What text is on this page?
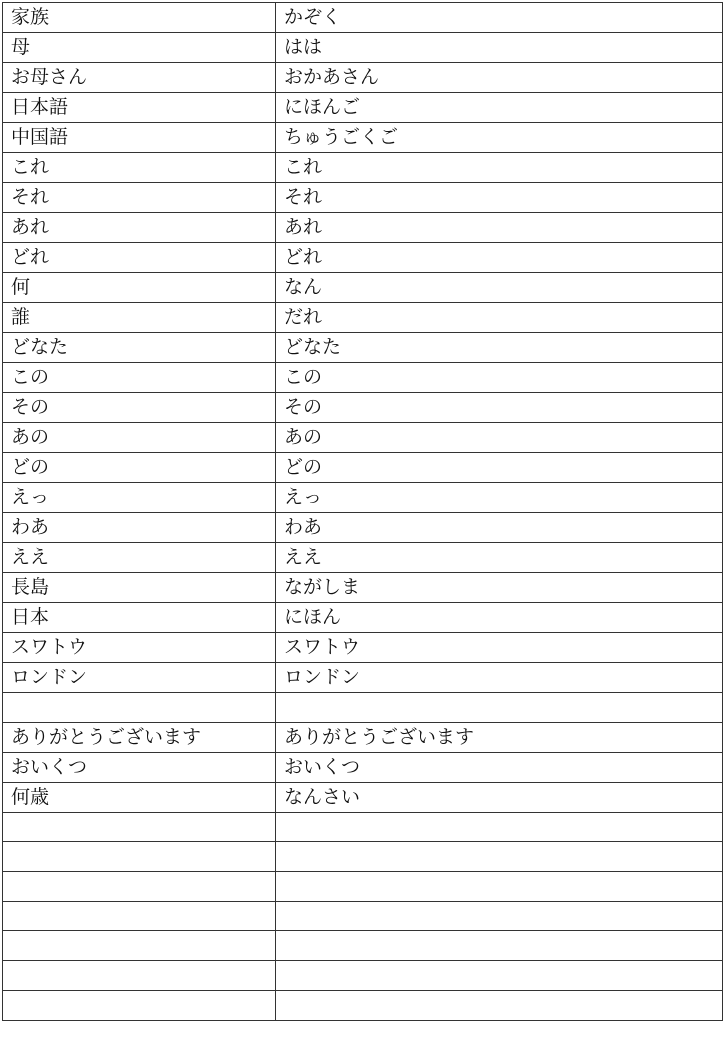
家族	かぞく
母	はは
お母さん	おかあさん
日本語	にほんご
中国語	ちゅうごくご
これ	これ
それ	それ
あれ	あれ
どれ	どれ
何	なん
誰	だれ
どなた	どなた
この	この
その	その
あの	あの
どの	どの
えっ	えっ
わあ	わあ
ええ	ええ
長島	ながしま
日本	にほん
スワトウ	スワトウ
ロンドン	ロンドン

ありがとうございます	ありがとうございます
おいくつ	おいくつ
何歳	なんさい
